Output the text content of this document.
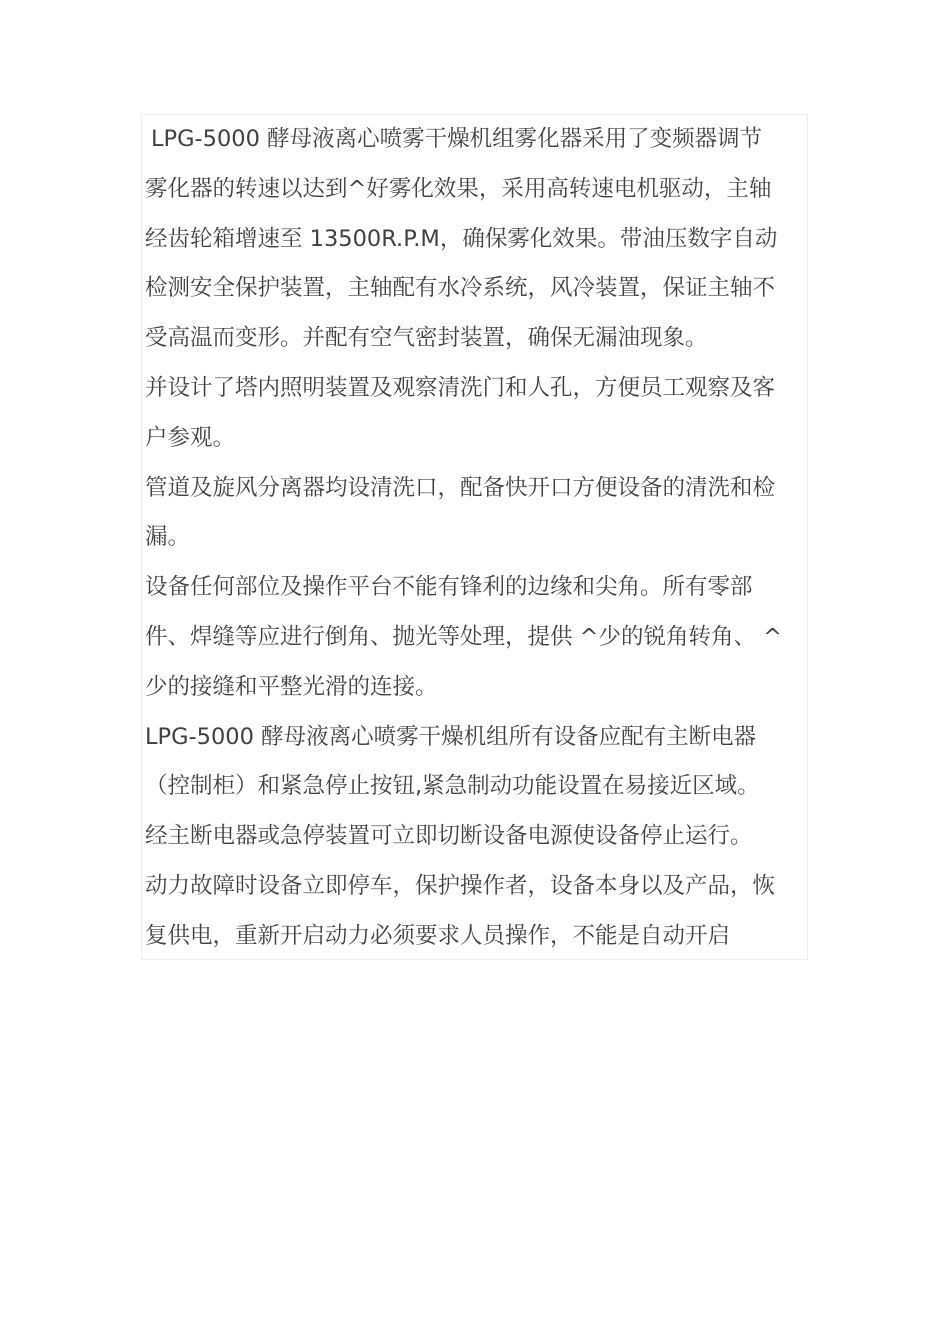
LPG-5000 酵母液离心喷雾干燥机组雾化器采用了变频器调节
雾化器的转速以达到^好雾化效果，采用高转速电机驱动，主轴
经齿轮箱增速至 13500R.P.M，确保雾化效果。带油压数字自动
检测安全保护装置，主轴配有水冷系统，风冷装置，保证主轴不
受高温而变形。并配有空气密封装置，确保无漏油现象。
并设计了塔内照明装置及观察清洗门和人孔，方便员工观察及客
户参观。
管道及旋风分离器均设清洗口，配备快开口方便设备的清洗和检
漏。
设备任何部位及操作平台不能有锋利的边缘和尖角。所有零部
件、焊缝等应进行倒角、抛光等处理，提供 ^少的锐角转角、 ^
少的接缝和平整光滑的连接。
LPG-5000 酵母液离心喷雾干燥机组所有设备应配有主断电器
（控制柜）和紧急停止按钮,紧急制动功能设置在易接近区域。
经主断电器或急停装置可立即切断设备电源使设备停止运行。
动力故障时设备立即停车，保护操作者，设备本身以及产品，恢
复供电，重新开启动力必须要求人员操作，不能是自动开启
